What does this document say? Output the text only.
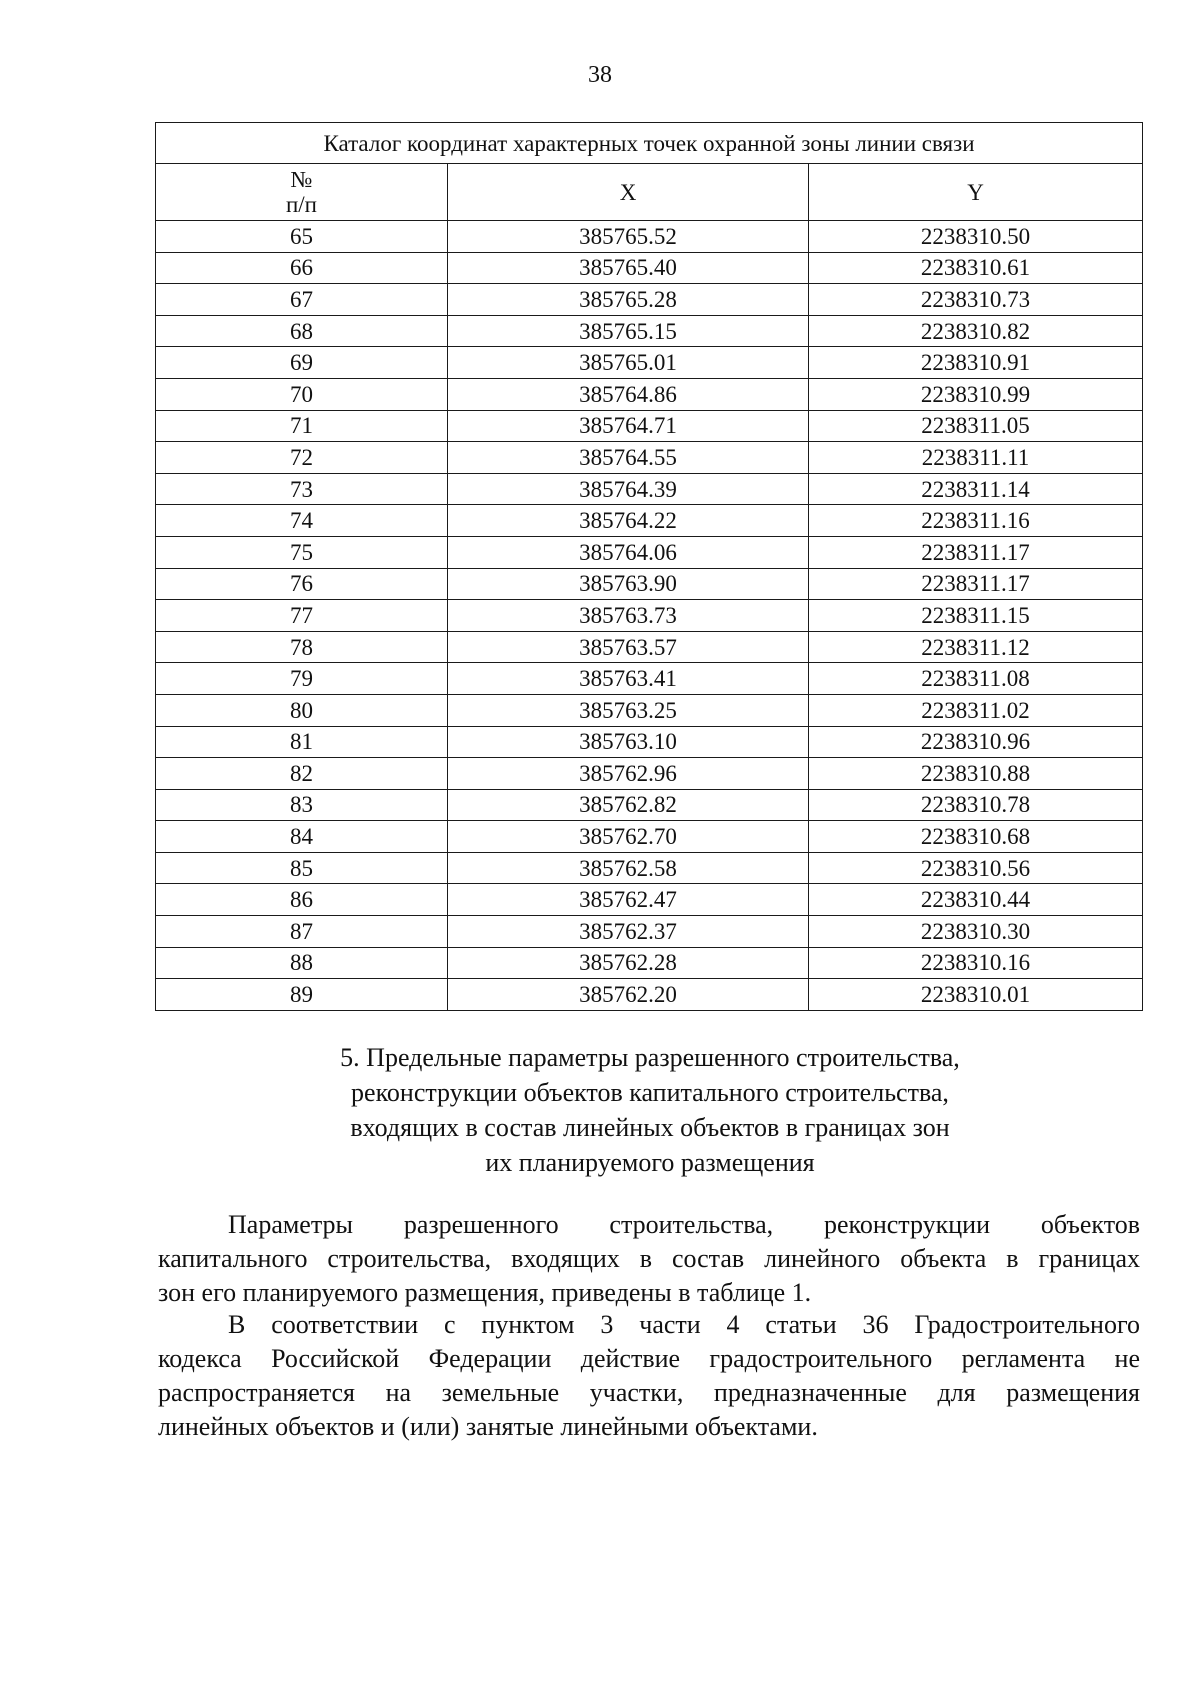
38
Каталог координат характерных точек охранной зоны линии связи		

№
п/п	X	Y
65	385765.52	2238310.50
66	385765.40	2238310.61
67	385765.28	2238310.73
68	385765.15	2238310.82
69	385765.01	2238310.91
70	385764.86	2238310.99
71	385764.71	2238311.05
72	385764.55	2238311.11
73	385764.39	2238311.14
74	385764.22	2238311.16
75	385764.06	2238311.17
76	385763.90	2238311.17
77	385763.73	2238311.15
78	385763.57	2238311.12
79	385763.41	2238311.08
80	385763.25	2238311.02
81	385763.10	2238310.96
82	385762.96	2238310.88
83	385762.82	2238310.78
84	385762.70	2238310.68
85	385762.58	2238310.56
86	385762.47	2238310.44
87	385762.37	2238310.30
88	385762.28	2238310.16
89	385762.20	2238310.01
5. Предельные параметры разрешенного строительства,
реконструкции объектов капитального строительства,
входящих в состав линейных объектов в границах зон
их планируемого размещения
Параметры разрешенного строительства, реконструкции объектов
капитального строительства, входящих в состав линейного объекта в границах
зон его планируемого размещения, приведены в таблице 1.
В соответствии с пунктом 3 части 4 статьи 36 Градостроительного
кодекса Российской Федерации действие градостроительного регламента не
распространяется на земельные участки, предназначенные для размещения
линейных объектов и (или) занятые линейными объектами.
